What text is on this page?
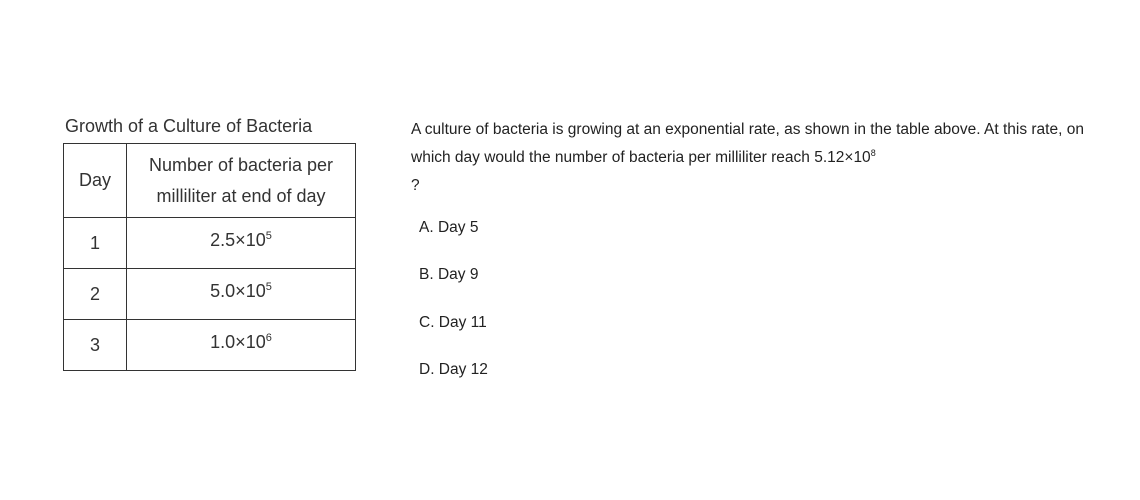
Growth of a Culture of Bacteria
Day	Number of bacteria per
milliliter at end of day
1	$2.5\times 10^5$
2	$5.0\times 10^5$
3	$1.0\times 10^6$
A culture of bacteria is growing at an exponential rate, as shown in the table above. At this rate, on which day would the number of bacteria per milliliter reach $5.12\times 10^8$
?
A. Day 5
B. Day 9
C. Day 11
D. Day 12
